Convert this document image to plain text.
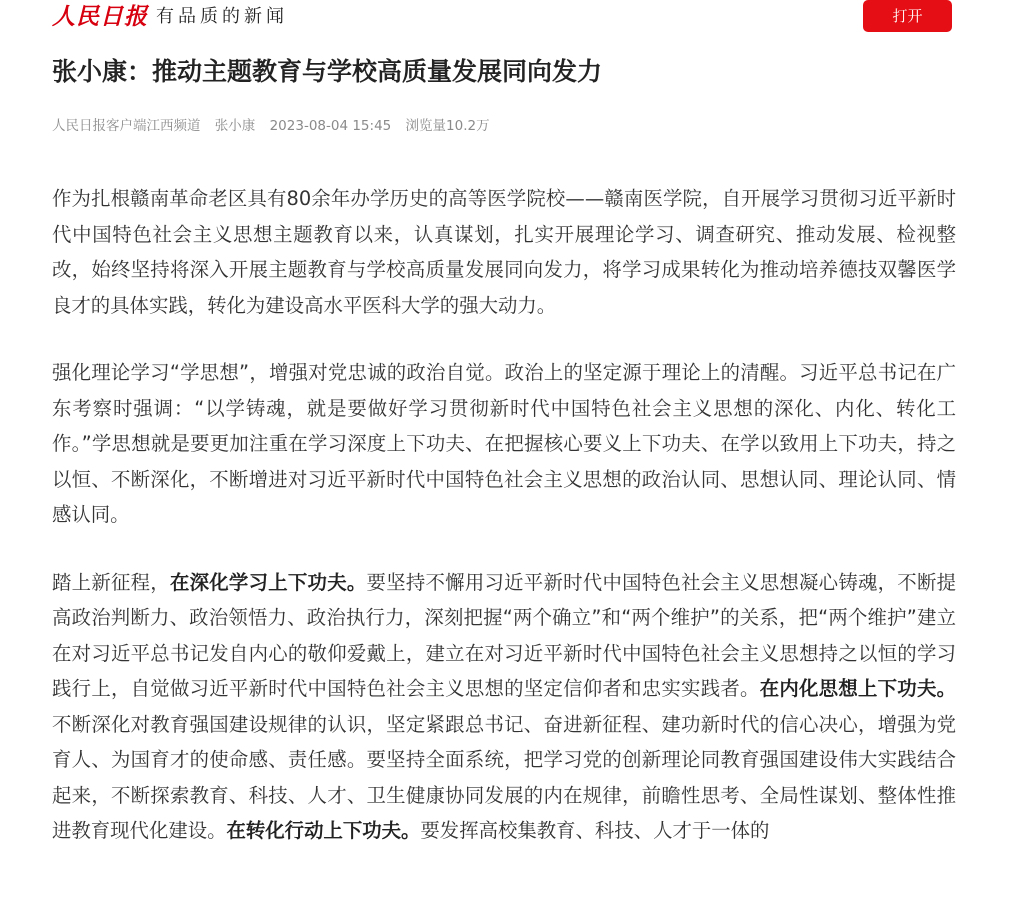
人民日报 有品质的新闻	打开
张小康：推动主题教育与学校高质量发展同向发力
人民日报客户端江西频道 张小康 2023-08-04 15:45 浏览量10.2万

作为扎根赣南革命老区具有80余年办学历史的高等医学院校——赣南医学院，自开展学习贯彻习近平新时代中国特色社会主义思想主题教育以来，认真谋划，扎实开展理论学习、调查研究、推动发展、检视整改，始终坚持将深入开展主题教育与学校高质量发展同向发力，将学习成果转化为推动培养德技双馨医学良才的具体实践，转化为建设高水平医科大学的强大动力。

强化理论学习“学思想”，增强对党忠诚的政治自觉。政治上的坚定源于理论上的清醒。习近平总书记在广东考察时强调：“以学铸魂，就是要做好学习贯彻新时代中国特色社会主义思想的深化、内化、转化工作。”学思想就是要更加注重在学习深度上下功夫、在把握核心要义上下功夫、在学以致用上下功夫，持之以恒、不断深化，不断增进对习近平新时代中国特色社会主义思想的政治认同、思想认同、理论认同、情感认同。

踏上新征程，在深化学习上下功夫。要坚持不懈用习近平新时代中国特色社会主义思想凝心铸魂，不断提高政治判断力、政治领悟力、政治执行力，深刻把握“两个确立”和“两个维护”的关系，把“两个维护”建立在对习近平总书记发自内心的敬仰爱戴上，建立在对习近平新时代中国特色社会主义思想持之以恒的学习践行上，自觉做习近平新时代中国特色社会主义思想的坚定信仰者和忠实实践者。在内化思想上下功夫。不断深化对教育强国建设规律的认识，坚定紧跟总书记、奋进新征程、建功新时代的信心决心，增强为党育人、为国育才的使命感、责任感。要坚持全面系统，把学习党的创新理论同教育强国建设伟大实践结合起来，不断探索教育、科技、人才、卫生健康协同发展的内在规律，前瞻性思考、全局性谋划、整体性推进教育现代化建设。在转化行动上下功夫。要发挥高校集教育、科技、人才于一体的
